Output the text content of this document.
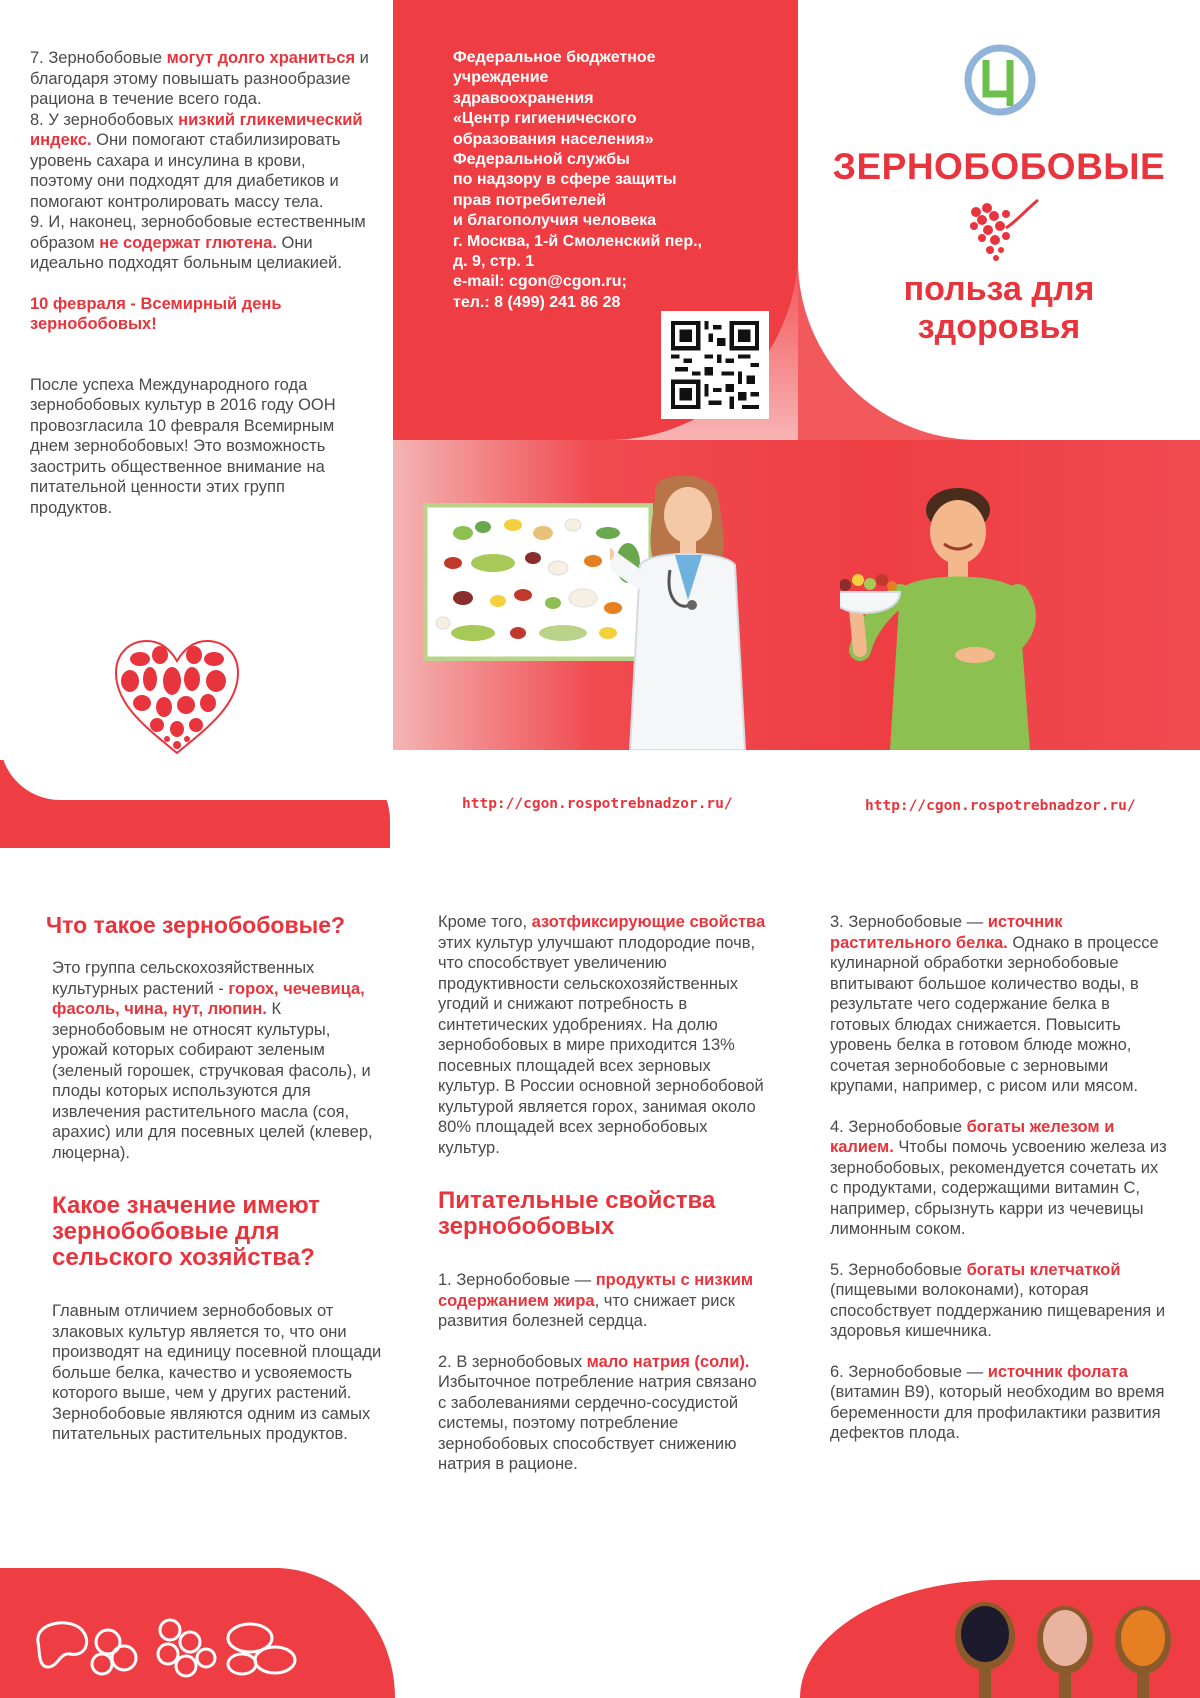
7. Зернобобовые могут долго храниться и благодаря этому повышать разнообразие рациона в течение всего года.

8. У зернобобовых низкий гликемический индекс. Они помогают стабилизировать уровень сахара и инсулина в крови, поэтому они подходят для диабетиков и помогают контролировать массу тела.

9. И, наконец, зернобобовые естественным образом не содержат глютена. Они идеально подходят больным целиакией.

10 февраля - Всемирный день зернобобовых!

После успеха Международного года зернобобовых культур в 2016 году ООН провозгласила 10 февраля Всемирным днем зернобобовых! Это возможность заострить общественное внимание на питательной ценности этих групп продуктов.

Федеральное бюджетное
учреждение
здравоохранения
«Центр гигиенического
образования населения»
Федеральной службы
по надзору в сфере защиты
прав потребителей
и благополучия человека
г. Москва, 1-й Смоленский пер.,
д. 9, стр. 1
e-mail: cgon@cgon.ru;
тел.: 8 (499) 241 86 28
ЗЕРНОБОБОВЫЕ
польза для
здоровья
http://cgon.rospotrebnadzor.ru/	http://cgon.rospotrebnadzor.ru/
Что такое зернобобовые?

Это группа сельскохозяйственных культурных растений - горох, чечевица, фасоль, чина, нут, люпин. К зернобобовым не относят культуры, урожай которых собирают зеленым (зеленый горошек, стручковая фасоль), и плоды которых используются для извлечения растительного масла (соя, арахис) или для посевных целей (клевер, люцерна).

Какое значение имеют зернобобовые для сельского хозяйства?

Главным отличием зернобобовых от злаковых культур является то, что они производят на единицу посевной площади больше белка, качество и усвояемость которого выше, чем у других растений. Зернобобовые являются одним из самых питательных растительных продуктов.

Кроме того, азотфиксирующие свойства этих культур улучшают плодородие почв, что способствует увеличению продуктивности сельскохозяйственных угодий и снижают потребность в синтетических удобрениях. На долю зернобобовых в мире приходится 13% посевных площадей всех зерновых культур. В России основной зернобобовой культурой является горох, занимая около 80% площадей всех зернобобовых культур.

Питательные свойства зернобобовых

1. Зернобобовые — продукты с низким содержанием жира, что снижает риск развития болезней сердца.

2. В зернобобовых мало натрия (соли). Избыточное потребление натрия связано с заболеваниями сердечно-сосудистой системы, поэтому потребление зернобобовых способствует снижению натрия в рационе.

3. Зернобобовые — источник растительного белка. Однако в процессе кулинарной обработки зернобобовые впитывают большое количество воды, в результате чего содержание белка в готовых блюдах снижается. Повысить уровень белка в готовом блюде можно, сочетая зернобобовые с зерновыми крупами, например, с рисом или мясом.

4. Зернобобовые богаты железом и калием. Чтобы помочь усвоению железа из зернобобовых, рекомендуется сочетать их с продуктами, содержащими витамин С, например, сбрызнуть карри из чечевицы лимонным соком.

5. Зернобобовые богаты клетчаткой (пищевыми волоконами), которая способствует поддержанию пищеварения и здоровья кишечника.

6. Зернобобовые — источник фолата (витамин B9), который необходим во время беременности для профилактики развития дефектов плода.
